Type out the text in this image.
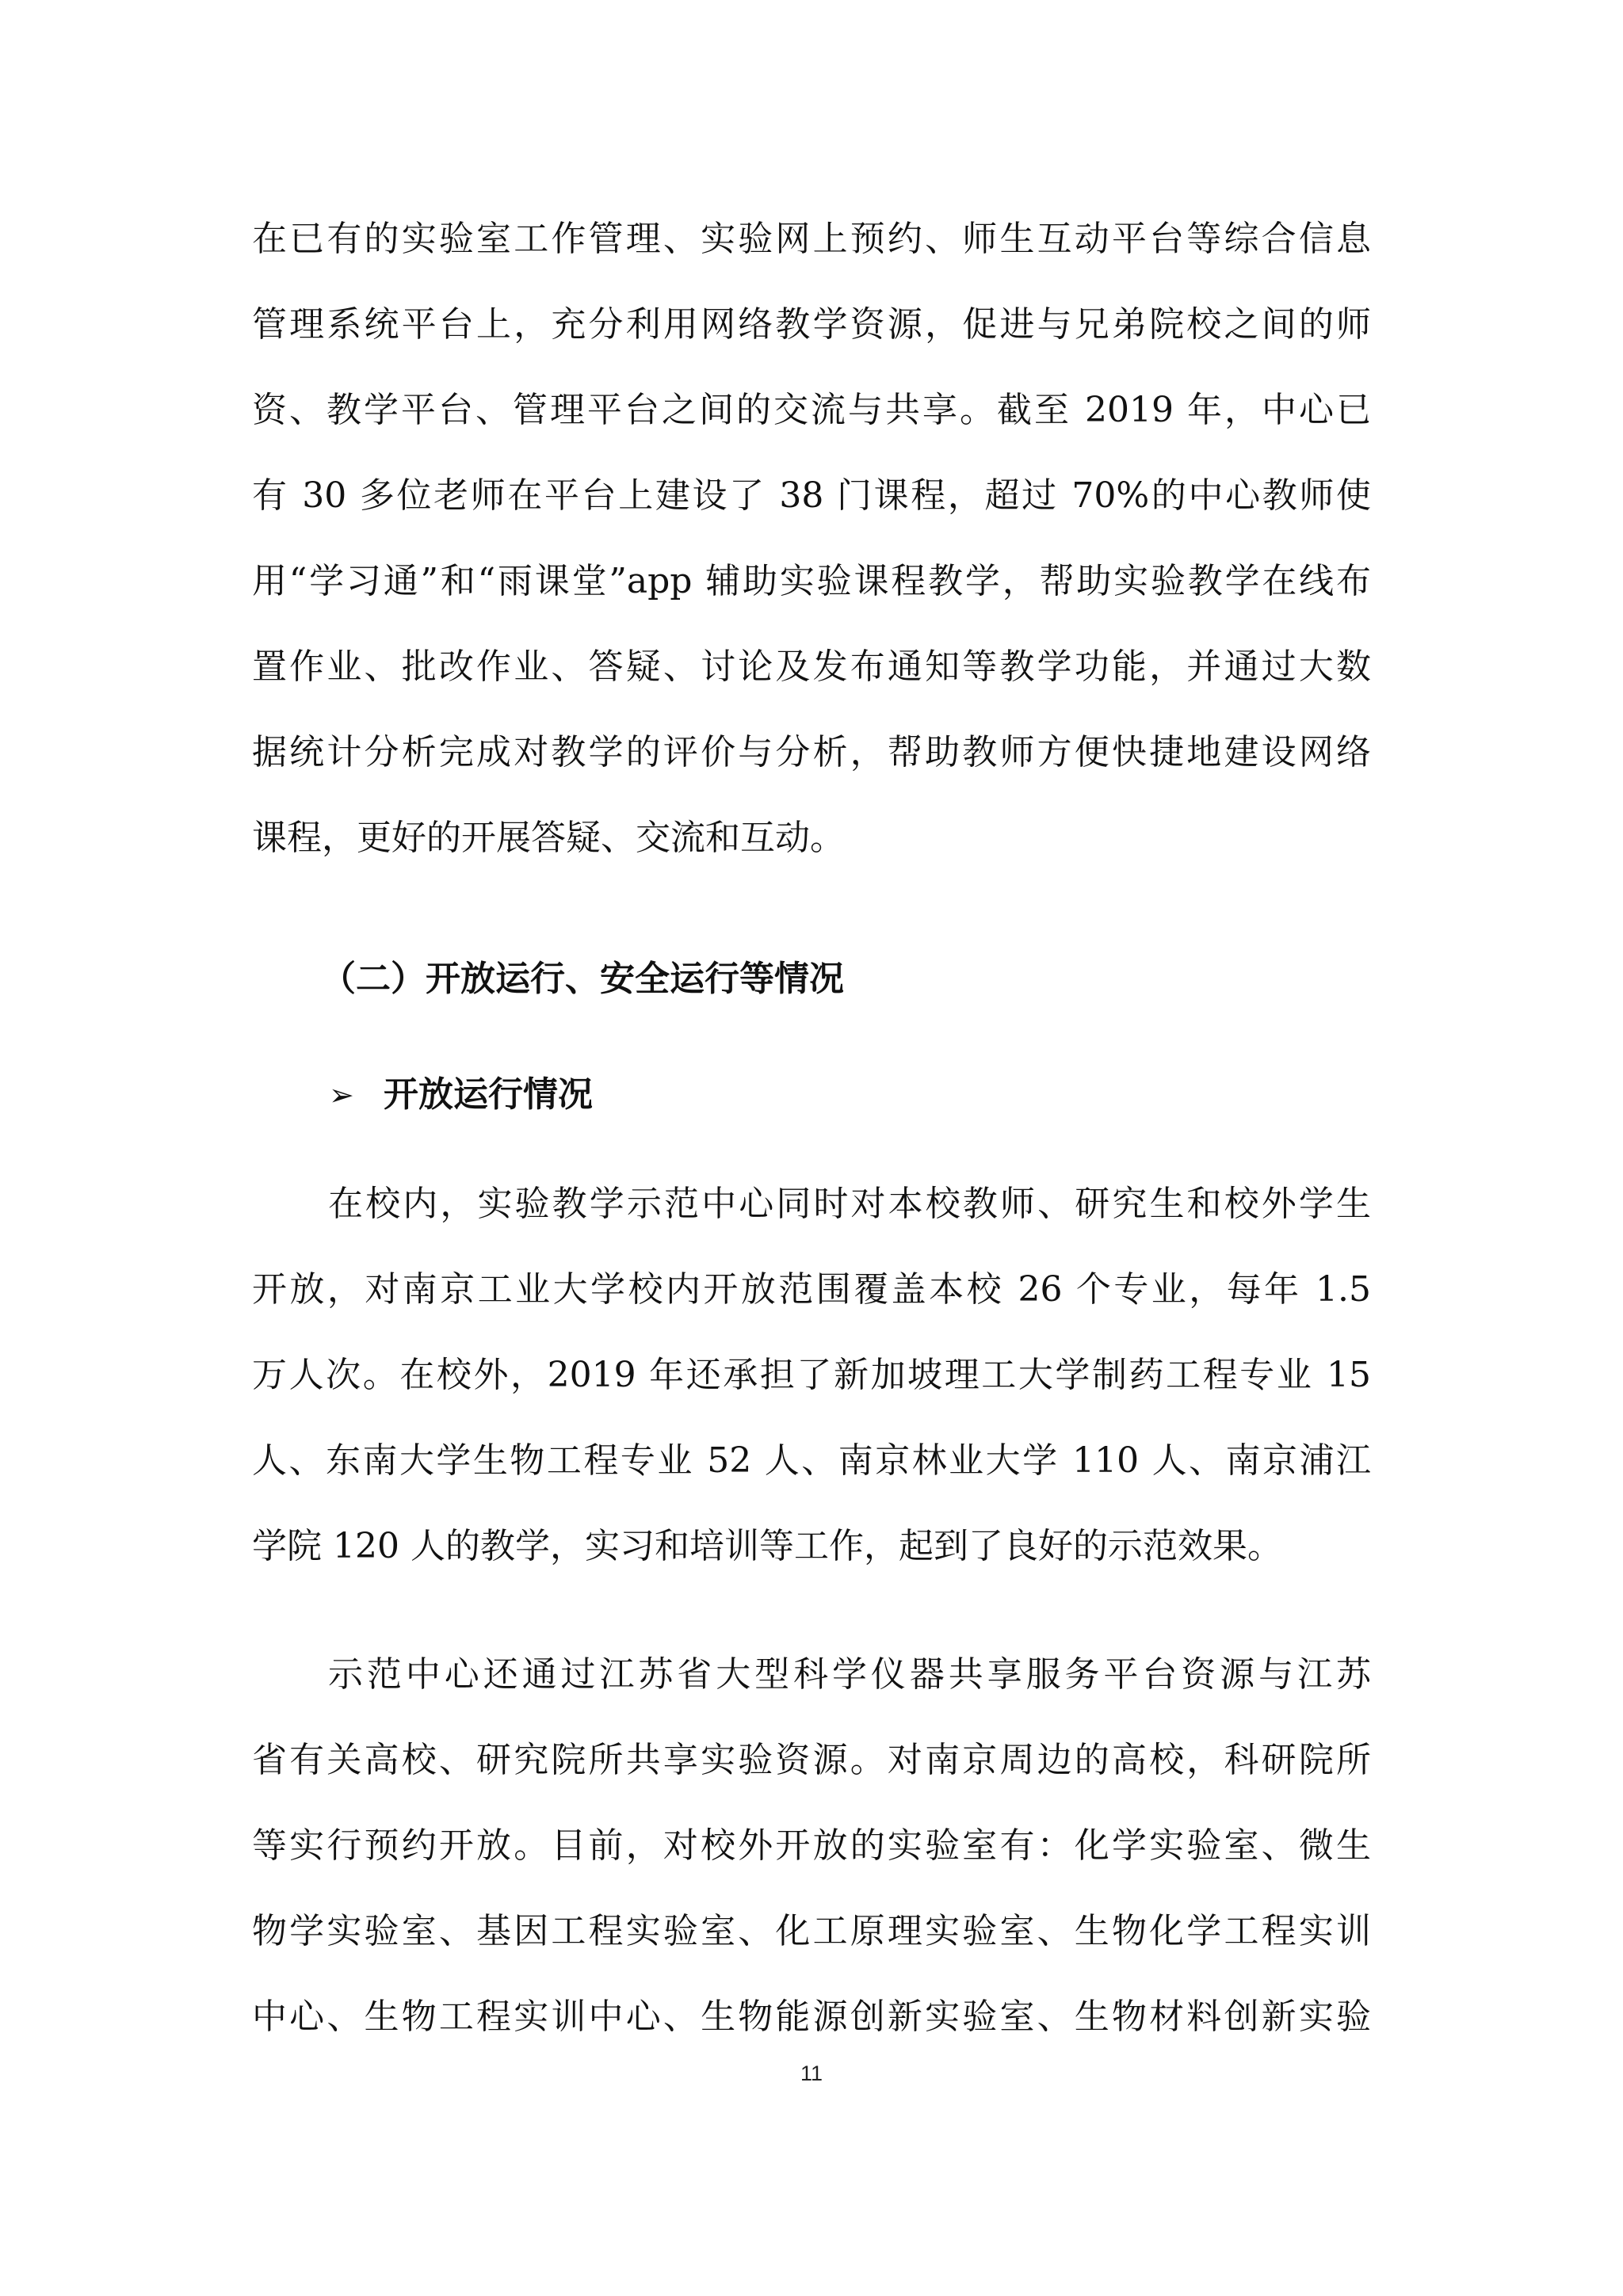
在已有的实验室工作管理、实验网上预约、师生互动平台等综合信息
管理系统平台上，充分利用网络教学资源，促进与兄弟院校之间的师
资、教学平台、管理平台之间的交流与共享。截至 2019 年，中心已
有 30 多位老师在平台上建设了 38 门课程，超过 70%的中心教师使
用“学习通”和“雨课堂”app 辅助实验课程教学，帮助实验教学在线布
置作业、批改作业、答疑、讨论及发布通知等教学功能，并通过大数
据统计分析完成对教学的评价与分析，帮助教师方便快捷地建设网络
课程，更好的开展答疑、交流和互动。
（二）开放运行、安全运行等情况
➢ 开放运行情况
在校内，实验教学示范中心同时对本校教师、研究生和校外学生
开放，对南京工业大学校内开放范围覆盖本校 26 个专业，每年 1.5
万人次。在校外，2019 年还承担了新加坡理工大学制药工程专业 15
人、东南大学生物工程专业 52 人、南京林业大学 110 人、南京浦江
学院 120 人的教学，实习和培训等工作，起到了良好的示范效果。
示范中心还通过江苏省大型科学仪器共享服务平台资源与江苏
省有关高校、研究院所共享实验资源。对南京周边的高校，科研院所
等实行预约开放。目前，对校外开放的实验室有：化学实验室、微生
物学实验室、基因工程实验室、化工原理实验室、生物化学工程实训
中心、生物工程实训中心、生物能源创新实验室、生物材料创新实验
11
